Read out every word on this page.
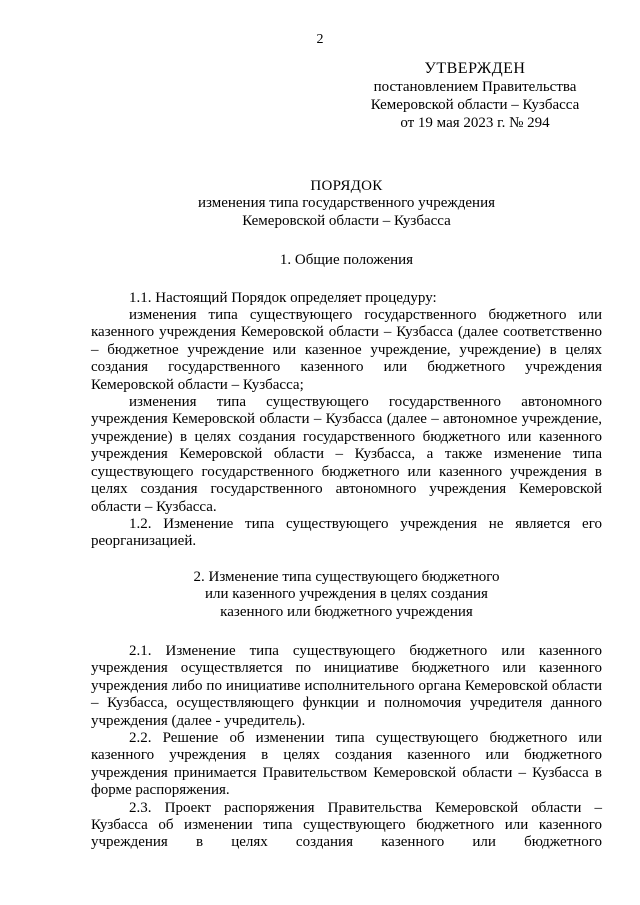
2
УТВЕРЖДЕН
постановлением Правительства
Кемеровской области – Кузбасса
от 19 мая 2023 г. № 294
ПОРЯДОК
изменения типа государственного учреждения
Кемеровской области – Кузбасса
1. Общие положения

1.1. Настоящий Порядок определяет процедуру:

изменения типа существующего государственного бюджетного или казенного учреждения Кемеровской области – Кузбасса (далее соответственно – бюджетное учреждение или казенное учреждение, учреждение) в целях создания государственного казенного или бюджетного учреждения Кемеровской области – Кузбасса;

изменения типа существующего государственного автономного учреждения Кемеровской области – Кузбасса (далее – автономное учреждение, учреждение) в целях создания государственного бюджетного или казенного учреждения Кемеровской области – Кузбасса, а также изменение типа существующего государственного бюджетного или казенного учреждения в целях создания государственного автономного учреждения Кемеровской области – Кузбасса.

1.2. Изменение типа существующего учреждения не является его реорганизацией.

2. Изменение типа существующего бюджетного
или казенного учреждения в целях создания
казенного или бюджетного учреждения

2.1. Изменение типа существующего бюджетного или казенного учреждения осуществляется по инициативе бюджетного или казенного учреждения либо по инициативе исполнительного органа Кемеровской области – Кузбасса, осуществляющего функции и полномочия учредителя данного учреждения (далее - учредитель).

2.2. Решение об изменении типа существующего бюджетного или казенного учреждения в целях создания казенного или бюджетного учреждения принимается Правительством Кемеровской области – Кузбасса в форме распоряжения.

2.3. Проект распоряжения Правительства Кемеровской области – Кузбасса об изменении типа существующего бюджетного или казенного учреждения в целях создания казенного или бюджетного
